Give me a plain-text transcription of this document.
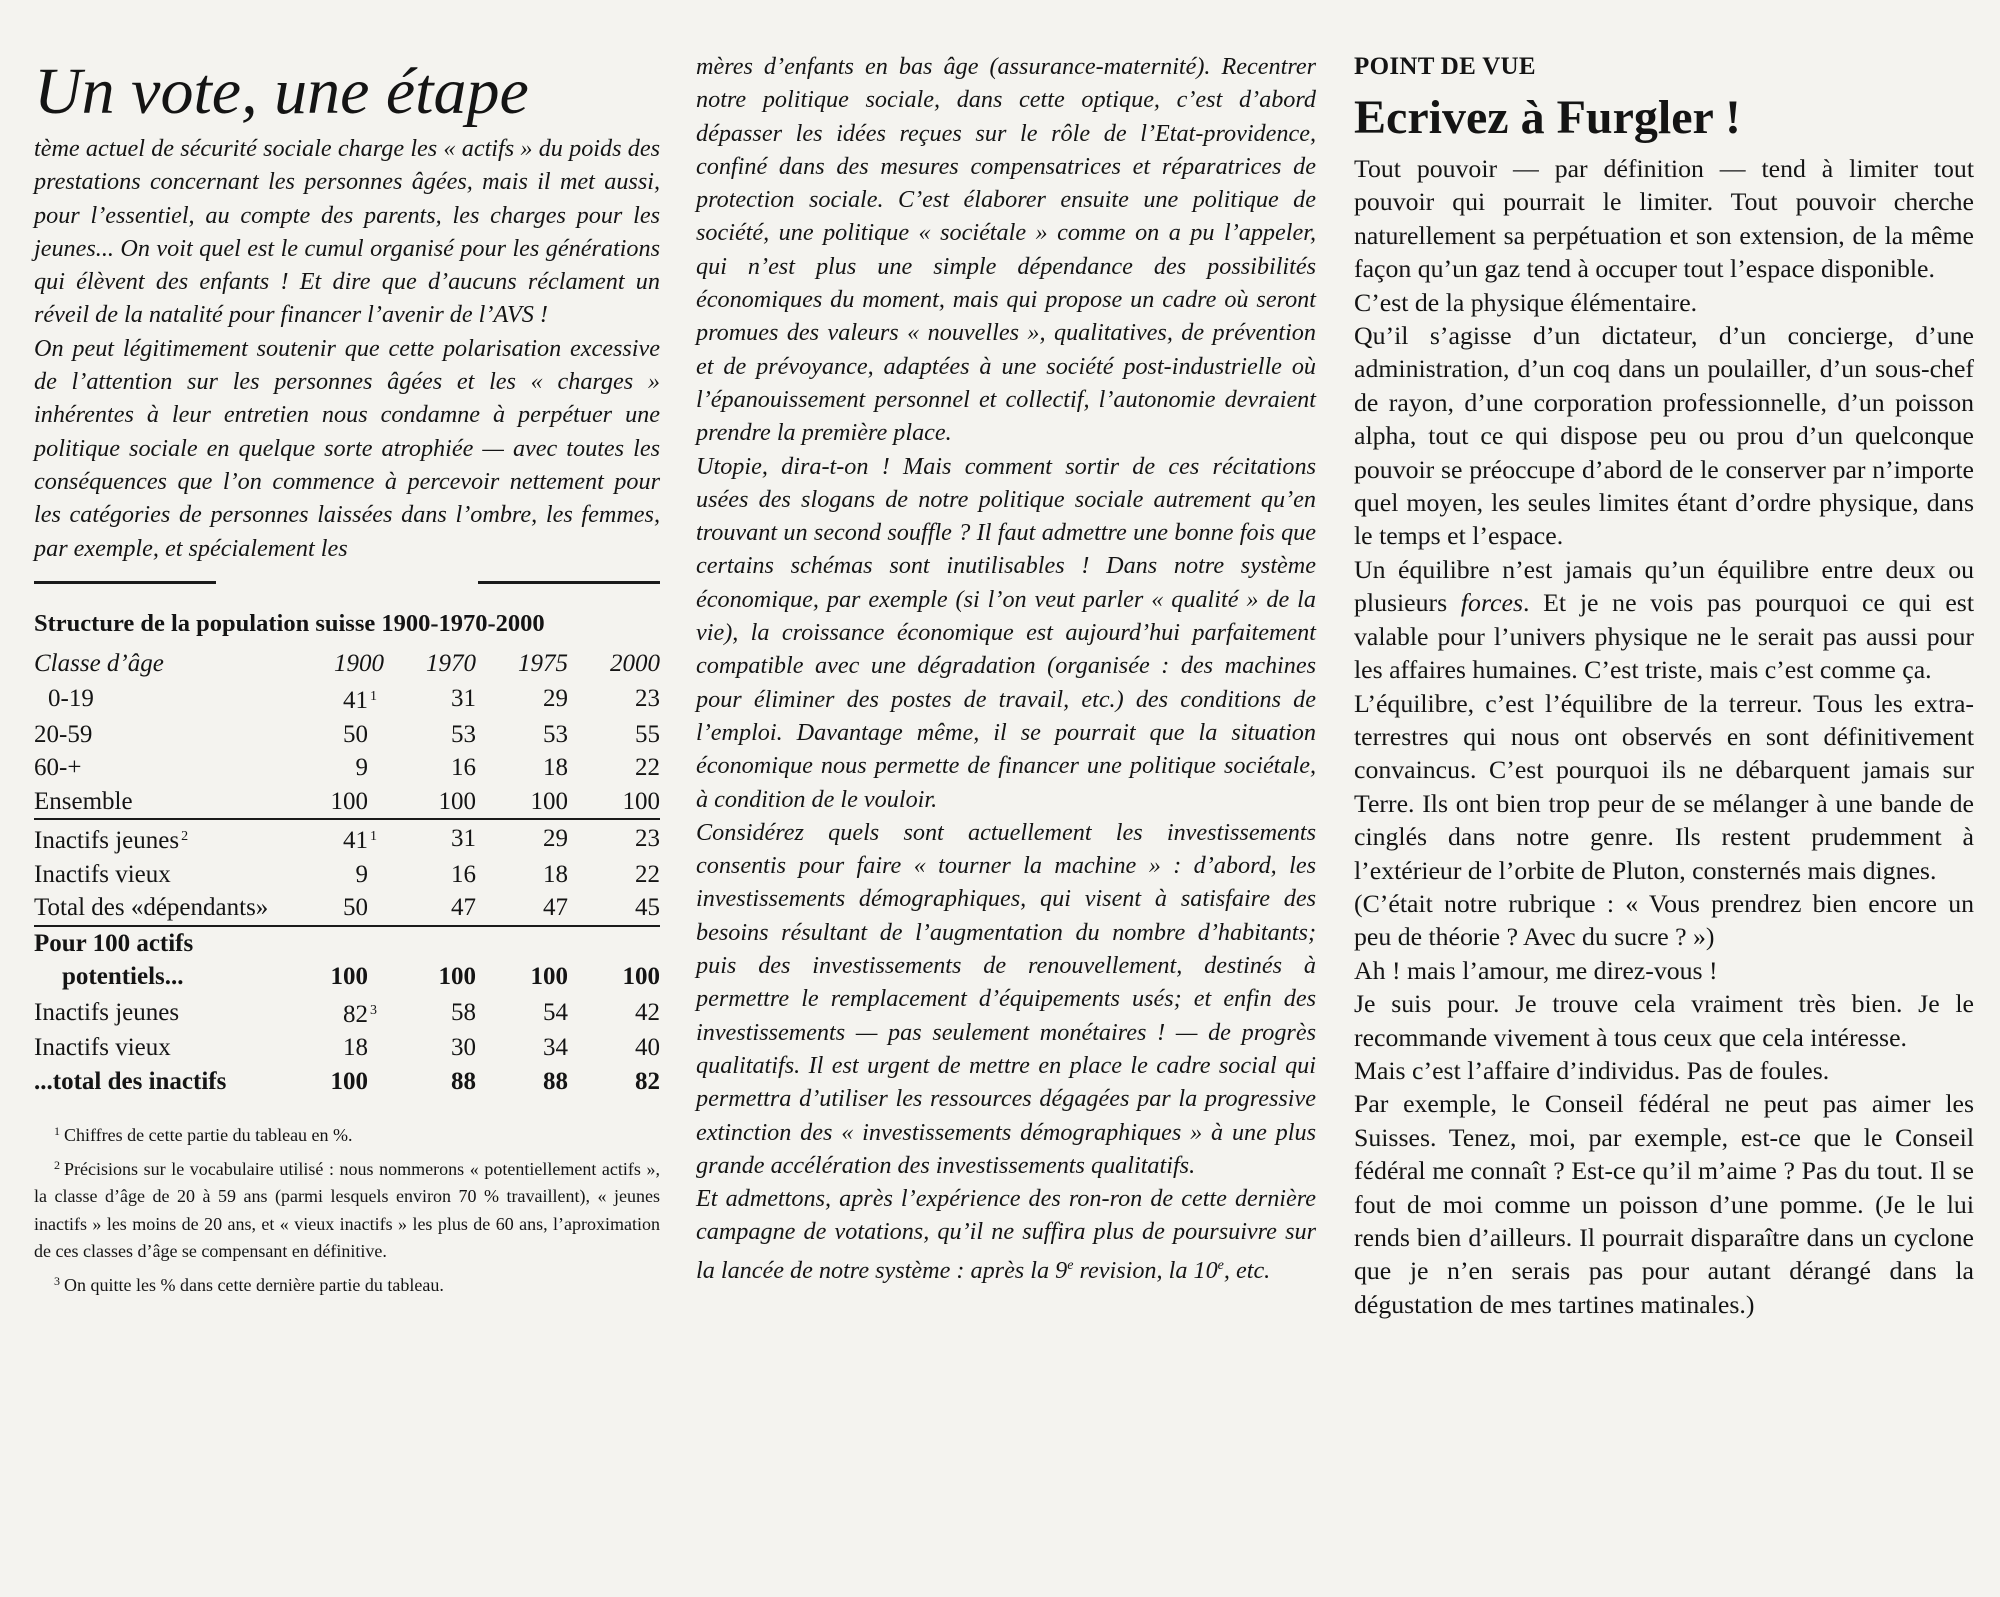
Un vote, une étape

tème actuel de sécurité sociale charge les « actifs » du poids des prestations concernant les personnes âgées, mais il met aussi, pour l’essentiel, au compte des parents, les charges pour les jeunes... On voit quel est le cumul organisé pour les générations qui élèvent des enfants ! Et dire que d’aucuns réclament un réveil de la natalité pour financer l’avenir de l’AVS !

On peut légitimement soutenir que cette polarisation excessive de l’attention sur les personnes âgées et les « charges » inhérentes à leur entretien nous condamne à perpétuer une politique sociale en quelque sorte atrophiée — avec toutes les conséquences que l’on commence à percevoir nettement pour les catégories de personnes laissées dans l’ombre, les femmes, par exemple, et spécialement les

Structure de la population suisse 1900-1970-2000
Classe d’âge	1900	1970	1975	2000
0-19	41 1	31	29	23
20-59	50	53	53	55
60-+	9	16	18	22
Ensemble	100	100	100	100
Inactifs jeunes 2	41 1	31	29	23
Inactifs vieux	9	16	18	22
Total des «dépendants»	50	47	47	45
Pour 100 actifs				
potentiels...	100	100	100	100
Inactifs jeunes	82 3	58	54	42
Inactifs vieux	18	30	34	40
...total des inactifs	100	88	88	82

$^1$ Chiffres de cette partie du tableau en %.

$^2$ Précisions sur le vocabulaire utilisé : nous nommerons « potentiellement actifs », la classe d’âge de 20 à 59 ans (parmi lesquels environ 70 % travaillent), « jeunes inactifs » les moins de 20 ans, et « vieux inactifs » les plus de 60 ans, l’aproximation de ces classes d’âge se compensant en définitive.

$^3$ On quitte les % dans cette dernière partie du tableau.

mères d’enfants en bas âge (assurance-maternité). Recentrer notre politique sociale, dans cette optique, c’est d’abord dépasser les idées reçues sur le rôle de l’Etat-providence, confiné dans des mesures compensatrices et réparatrices de protection sociale. C’est élaborer ensuite une politique de société, une politique « sociétale » comme on a pu l’appeler, qui n’est plus une simple dépendance des possibilités économiques du moment, mais qui propose un cadre où seront promues des valeurs « nouvelles », qualitatives, de prévention et de prévoyance, adaptées à une société post-industrielle où l’épanouissement personnel et collectif, l’autonomie devraient prendre la première place.

Utopie, dira-t-on ! Mais comment sortir de ces récitations usées des slogans de notre politique sociale autrement qu’en trouvant un second souffle ? Il faut admettre une bonne fois que certains schémas sont inutilisables ! Dans notre système économique, par exemple (si l’on veut parler « qualité » de la vie), la croissance économique est aujourd’hui parfaitement compatible avec une dégradation (organisée : des machines pour éliminer des postes de travail, etc.) des conditions de l’emploi. Davantage même, il se pourrait que la situation économique nous permette de financer une politique sociétale, à condition de le vouloir.

Considérez quels sont actuellement les investissements consentis pour faire « tourner la machine » : d’abord, les investissements démographiques, qui visent à satisfaire des besoins résultant de l’augmentation du nombre d’habitants; puis des investissements de renouvellement, destinés à permettre le remplacement d’équipements usés; et enfin des investissements — pas seulement monétaires ! — de progrès qualitatifs. Il est urgent de mettre en place le cadre social qui permettra d’utiliser les ressources dégagées par la progressive extinction des « investissements démographiques » à une plus grande accélération des investissements qualitatifs.

Et admettons, après l’expérience des ron-ron de cette dernière campagne de votations, qu’il ne suffira plus de poursuivre sur la lancée de notre système : après la 9e revision, la 10e, etc.

POINT DE VUE
Ecrivez à Furgler !

Tout pouvoir — par définition — tend à limiter tout pouvoir qui pourrait le limiter. Tout pouvoir cherche naturellement sa perpétuation et son extension, de la même façon qu’un gaz tend à occuper tout l’espace disponible.

C’est de la physique élémentaire.

Qu’il s’agisse d’un dictateur, d’un concierge, d’une administration, d’un coq dans un poulailler, d’un sous-chef de rayon, d’une corporation professionnelle, d’un poisson alpha, tout ce qui dispose peu ou prou d’un quelconque pouvoir se préoccupe d’abord de le conserver par n’importe quel moyen, les seules limites étant d’ordre physique, dans le temps et l’espace.

Un équilibre n’est jamais qu’un équilibre entre deux ou plusieurs forces. Et je ne vois pas pourquoi ce qui est valable pour l’univers physique ne le serait pas aussi pour les affaires humaines. C’est triste, mais c’est comme ça.

L’équilibre, c’est l’équilibre de la terreur. Tous les extra-terrestres qui nous ont observés en sont définitivement convaincus. C’est pourquoi ils ne débarquent jamais sur Terre. Ils ont bien trop peur de se mélanger à une bande de cinglés dans notre genre. Ils restent prudemment à l’extérieur de l’orbite de Pluton, consternés mais dignes.

(C’était notre rubrique : « Vous prendrez bien encore un peu de théorie ? Avec du sucre ? »)

Ah ! mais l’amour, me direz-vous !

Je suis pour. Je trouve cela vraiment très bien. Je le recommande vivement à tous ceux que cela intéresse.

Mais c’est l’affaire d’individus. Pas de foules.

Par exemple, le Conseil fédéral ne peut pas aimer les Suisses. Tenez, moi, par exemple, est-ce que le Conseil fédéral me connaît ? Est-ce qu’il m’aime ? Pas du tout. Il se fout de moi comme un poisson d’une pomme. (Je le lui rends bien d’ailleurs. Il pourrait disparaître dans un cyclone que je n’en serais pas pour autant dérangé dans la dégustation de mes tartines matinales.)
